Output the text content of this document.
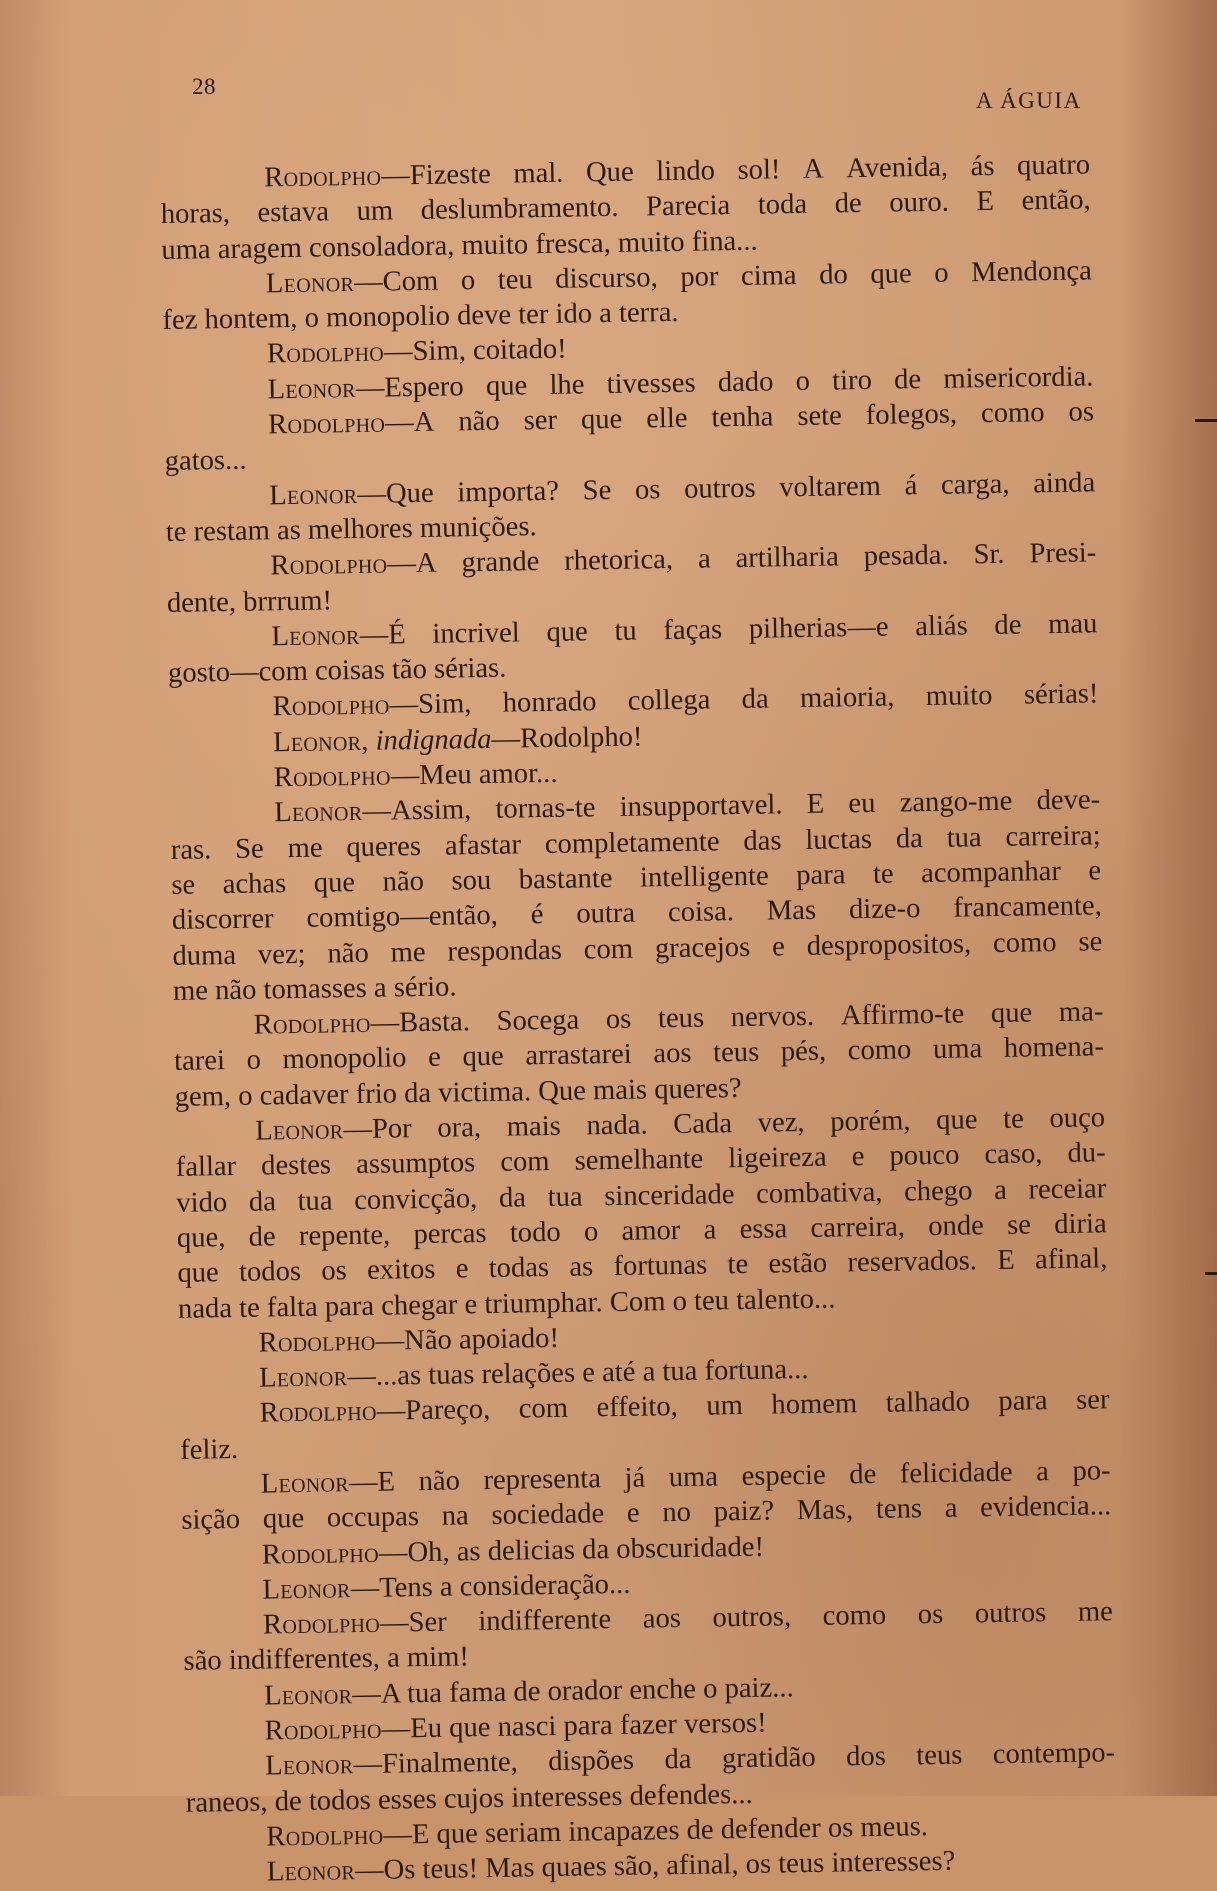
28
A ÁGUIA
Rodolpho—Fizeste mal. Que lindo sol! A Avenida, ás quatro
horas, estava um deslumbramento. Parecia toda de ouro. E então,
uma aragem consoladora, muito fresca, muito fina...
Leonor—Com o teu discurso, por cima do que o Mendonça
fez hontem, o monopolio deve ter ido a terra.
Rodolpho—Sim, coitado!
Leonor—Espero que lhe tivesses dado o tiro de misericordia.
Rodolpho—A não ser que elle tenha sete folegos, como os
gatos...
Leonor—Que importa? Se os outros voltarem á carga, ainda
te restam as melhores munições.
Rodolpho—A grande rhetorica, a artilharia pesada. Sr. Presi-
dente, brrrum!
Leonor—É incrivel que tu faças pilherias—e aliás de mau
gosto—com coisas tão sérias.
Rodolpho—Sim, honrado collega da maioria, muito sérias!
Leonor, indignada—Rodolpho!
Rodolpho—Meu amor...
Leonor—Assim, tornas-te insupportavel. E eu zango-me deve-
ras. Se me queres afastar completamente das luctas da tua carreira;
se achas que não sou bastante intelligente para te acompanhar e
discorrer comtigo—então, é outra coisa. Mas dize-o francamente,
duma vez; não me respondas com gracejos e despropositos, como se
me não tomasses a sério.
Rodolpho—Basta. Socega os teus nervos. Affirmo-te que ma-
tarei o monopolio e que arrastarei aos teus pés, como uma homena-
gem, o cadaver frio da victima. Que mais queres?
Leonor—Por ora, mais nada. Cada vez, porém, que te ouço
fallar destes assumptos com semelhante ligeireza e pouco caso, du-
vido da tua convicção, da tua sinceridade combativa, chego a receiar
que, de repente, percas todo o amor a essa carreira, onde se diria
que todos os exitos e todas as fortunas te estão reservados. E afinal,
nada te falta para chegar e triumphar. Com o teu talento...
Rodolpho—Não apoiado!
Leonor—...as tuas relações e até a tua fortuna...
Rodolpho—Pareço, com effeito, um homem talhado para ser
feliz.
Leonor—E não representa já uma especie de felicidade a po-
sição que occupas na sociedade e no paiz? Mas, tens a evidencia...
Rodolpho—Oh, as delicias da obscuridade!
Leonor—Tens a consideração...
Rodolpho—Ser indifferente aos outros, como os outros me
são indifferentes, a mim!
Leonor—A tua fama de orador enche o paiz...
Rodolpho—Eu que nasci para fazer versos!
Leonor—Finalmente, dispões da gratidão dos teus contempo-
raneos, de todos esses cujos interesses defendes...
Rodolpho—E que seriam incapazes de defender os meus.
Leonor—Os teus! Mas quaes são, afinal, os teus interesses?
